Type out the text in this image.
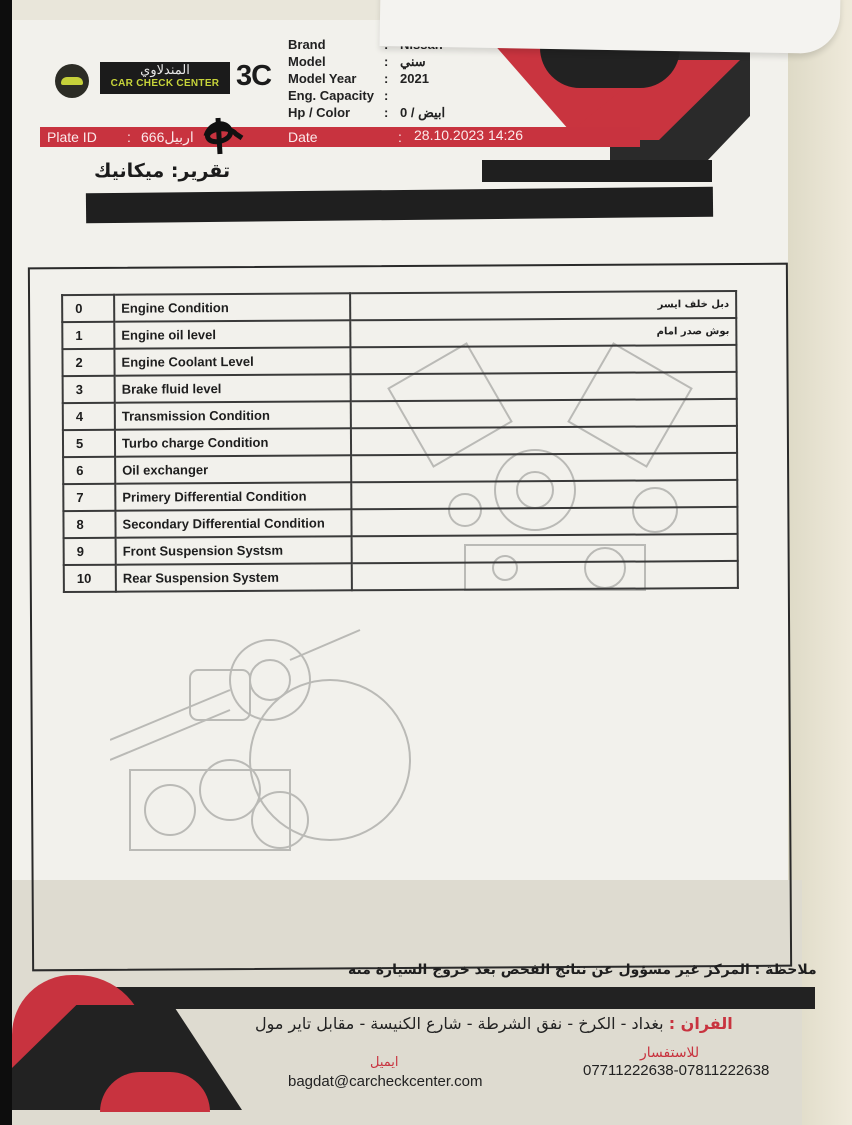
المندلاوي
CAR CHECK CENTER 3C
Brand
Model	: سني
Model Year	: 2021
Eng. Capacity :
Hp / Color	: ابيض / 0
Plate ID	: 666اربيل	Date	: 28.10.2023 14:26
تقرير: ميكانيك
0	Engine Condition	دبل خلف ايسر
1	Engine oil level	بوش صدر امام
2	Engine Coolant Level	
3	Brake fluid level	
4	Transmission Condition	
5	Turbo charge Condition	
6	Oil exchanger	
7	Primery Differential Condition	
8	Secondary Differential Condition	
9	Front Suspension Systsm	
10	Rear Suspension System	
ملاحظة : المركز غير مسؤول عن نتائج الفحص بعد خروج السيارة منه
الفران : بغداد - الكرخ - نفق الشرطة - شارع الكنيسة - مقابل تاير مول
للاستفسار
07711222638-07811222638
ايميل
bagdat@carcheckcenter.com
